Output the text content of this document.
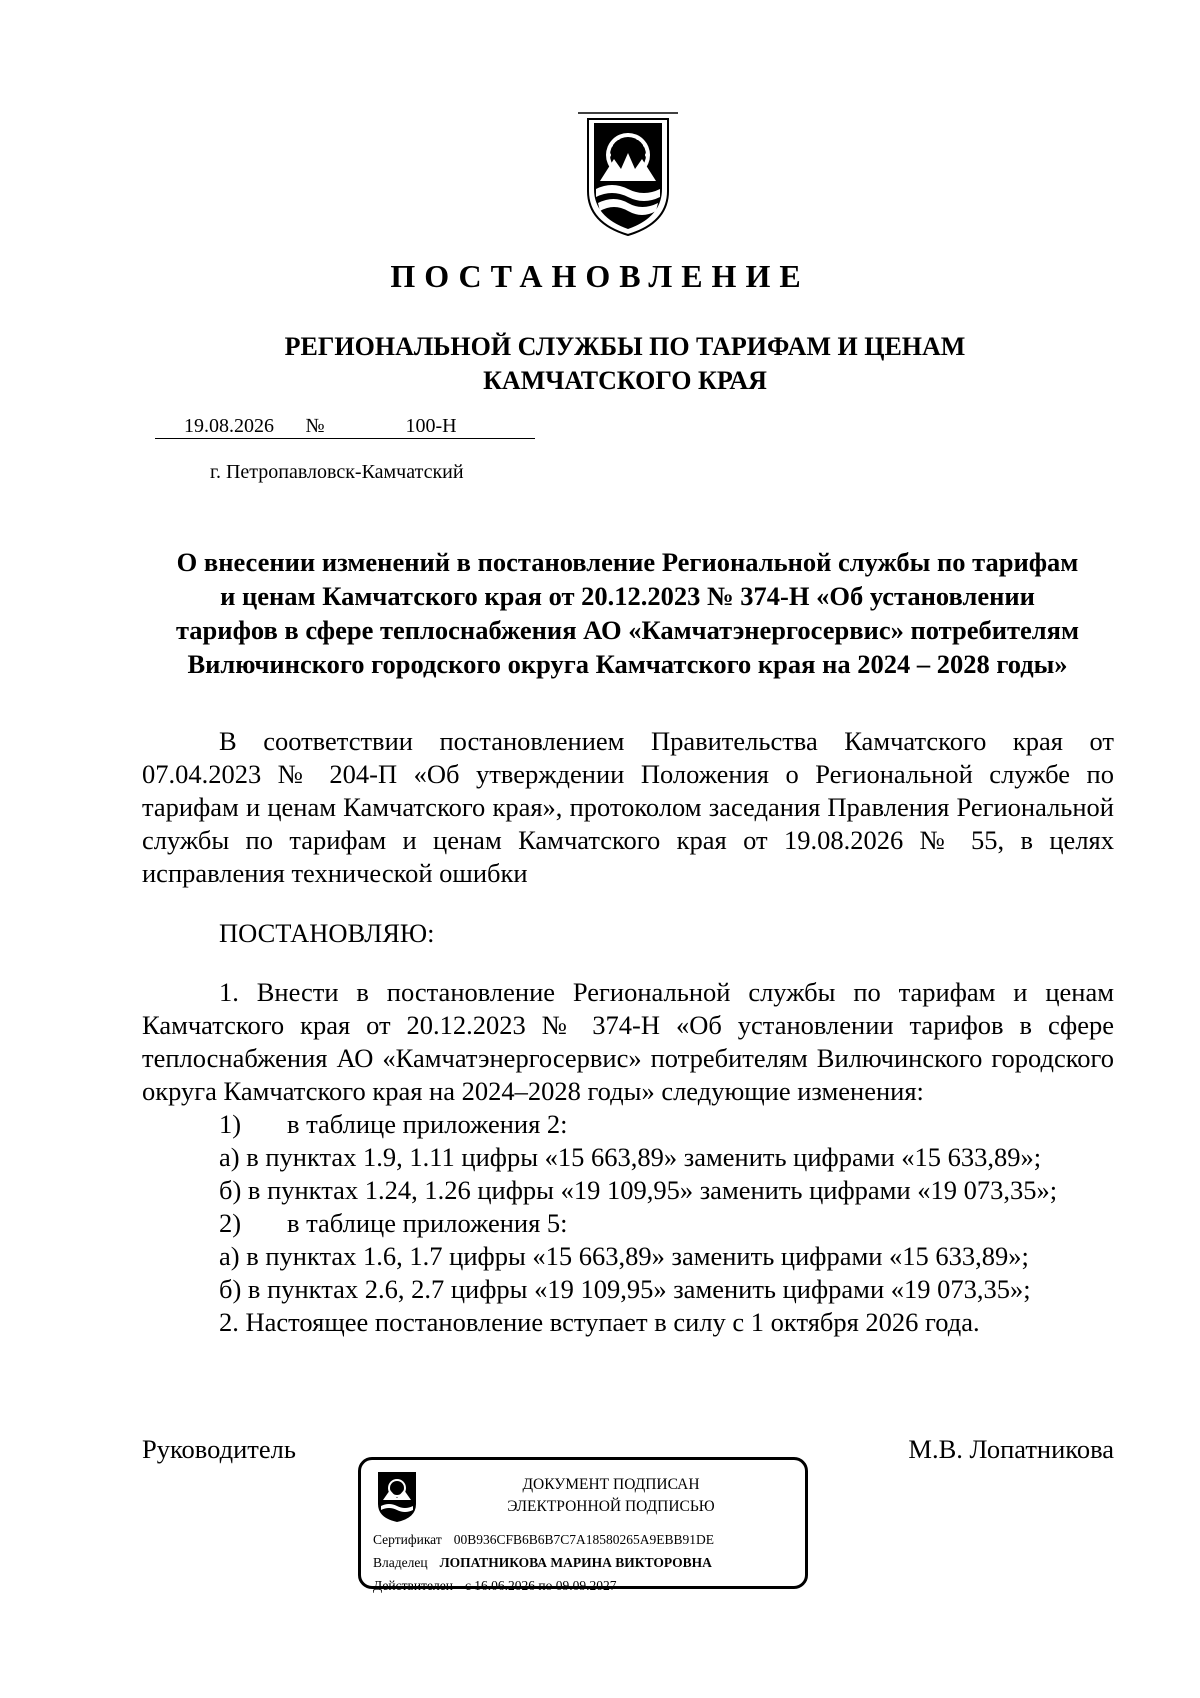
ПОСТАНОВЛЕНИЕ
РЕГИОНАЛЬНОЙ СЛУЖБЫ ПО ТАРИФАМ И ЦЕНАМ
КАМЧАТСКОГО КРАЯ
19.08.2026 №	100-Н
г. Петропавловск-Камчатский
О внесении изменений в постановление Региональной службы по тарифам
и ценам Камчатского края от 20.12.2023 № 374-Н «Об установлении
тарифов в сфере теплоснабжения АО «Камчатэнергосервис» потребителям
Вилючинского городского округа Камчатского края на 2024 – 2028 годы»
В соответствии постановлением Правительства Камчатского края от 07.04.2023 № 204-П «Об утверждении Положения о Региональной службе по тарифам и ценам Камчатского края», протоколом заседания Правления Региональной службы по тарифам и ценам Камчатского края от 19.08.2026 № 55, в целях исправления технической ошибки
ПОСТАНОВЛЯЮ:
1. Внести в постановление Региональной службы по тарифам и ценам Камчатского края от 20.12.2023 № 374-Н «Об установлении тарифов в сфере теплоснабжения АО «Камчатэнергосервис» потребителям Вилючинского городского округа Камчатского края на 2024–2028 годы» следующие изменения:
1) в таблице приложения 2:
а) в пунктах 1.9, 1.11 цифры «15 663,89» заменить цифрами «15 633,89»;
б) в пунктах 1.24, 1.26 цифры «19 109,95» заменить цифрами «19 073,35»;
2) в таблице приложения 5:
а) в пунктах 1.6, 1.7 цифры «15 663,89» заменить цифрами «15 633,89»;
б) в пунктах 2.6, 2.7 цифры «19 109,95» заменить цифрами «19 073,35»;
2. Настоящее постановление вступает в силу с 1 октября 2026 года.
Руководитель	М.В. Лопатникова
ДОКУМЕНТ ПОДПИСАН
ЭЛЕКТРОННОЙ ПОДПИСЬЮ
Сертификат 00B936CFB6B6B7C7A18580265A9EBB91DE
Владелец ЛОПАТНИКОВА МАРИНА ВИКТОРОВНА
Действителен с 16.06.2026 по 09.09.2027
